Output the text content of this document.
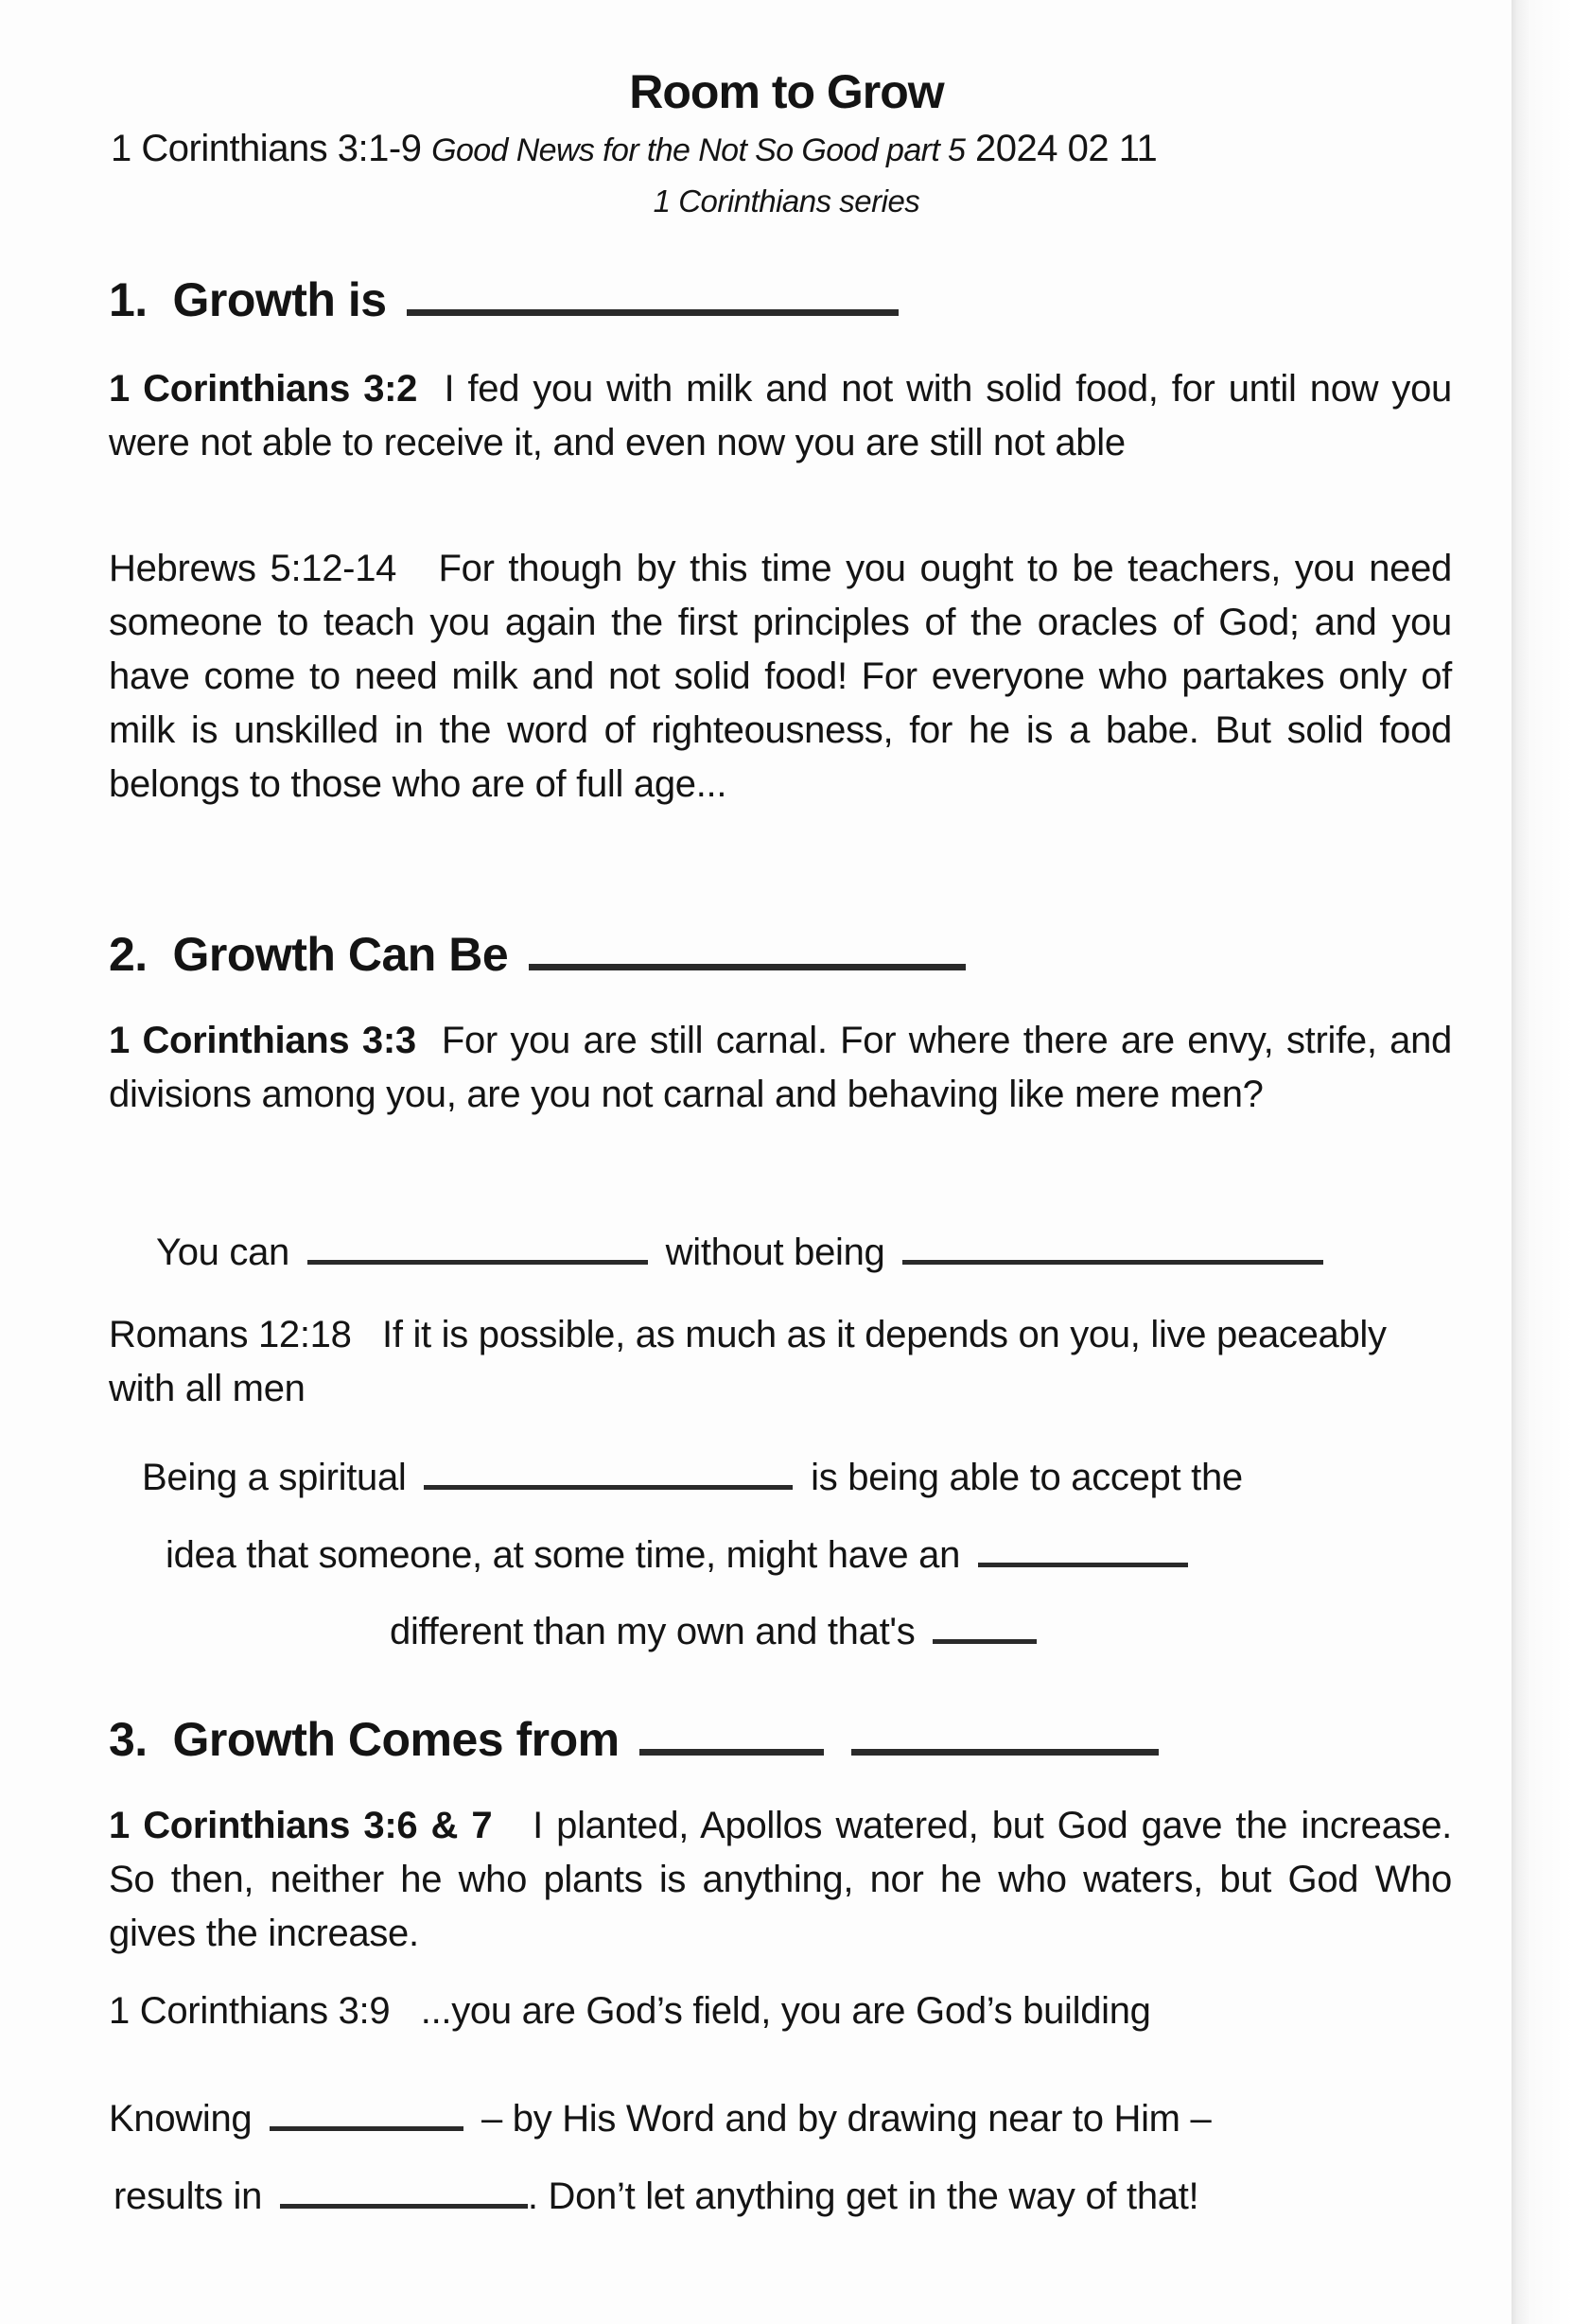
Room to Grow
1 Corinthians 3:1-9 Good News for the Not So Good part 5 2024 02 11
1 Corinthians series
1. Growth is
1 Corinthians 3:2 I fed you with milk and not with solid food, for until now you were not able to receive it, and even now you are still not able
Hebrews 5:12-14 For though by this time you ought to be teachers, you need someone to teach you again the first principles of the oracles of God; and you have come to need milk and not solid food! For everyone who partakes only of milk is unskilled in the word of righteousness, for he is a babe. But solid food belongs to those who are of full age...
2. Growth Can Be
1 Corinthians 3:3 For you are still carnal. For where there are envy, strife, and divisions among you, are you not carnal and behaving like mere men?
You can	without being
Romans 12:18 If it is possible, as much as it depends on you, live peaceably with all men
Being a spiritual	is being able to accept the
idea that someone, at some time, might have an
different than my own and that's
3. Growth Comes from
1 Corinthians 3:6 & 7 I planted, Apollos watered, but God gave the increase. So then, neither he who plants is anything, nor he who waters, but God Who gives the increase.
1 Corinthians 3:9 ...you are God’s field, you are God’s building
Knowing	– by His Word and by drawing near to Him –
results in	. Don’t let anything get in the way of that!
